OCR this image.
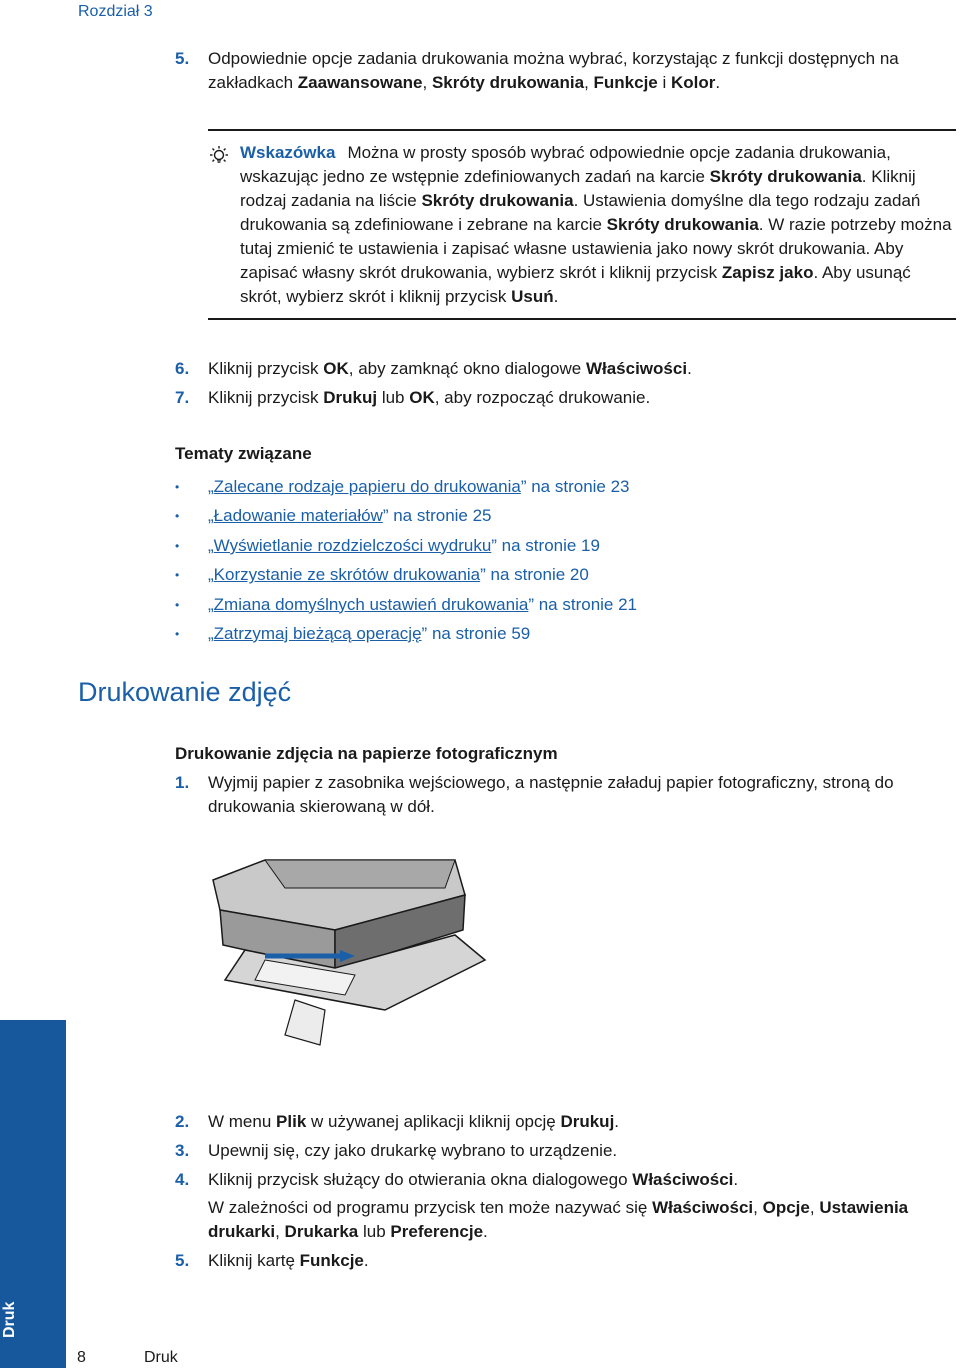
Rozdział 3
5. Odpowiednie opcje zadania drukowania można wybrać, korzystając z funkcji dostępnych na zakładkach Zaawansowane, Skróty drukowania, Funkcje i Kolor.

Wskazówka Można w prosty sposób wybrać odpowiednie opcje zadania drukowania, wskazując jedno ze wstępnie zdefiniowanych zadań na karcie Skróty drukowania. Kliknij rodzaj zadania na liście Skróty drukowania. Ustawienia domyślne dla tego rodzaju zadań drukowania są zdefiniowane i zebrane na karcie Skróty drukowania. W razie potrzeby można tutaj zmienić te ustawienia i zapisać własne ustawienia jako nowy skrót drukowania. Aby zapisać własny skrót drukowania, wybierz skrót i kliknij przycisk Zapisz jako. Aby usunąć skrót, wybierz skrót i kliknij przycisk Usuń.

6. Kliknij przycisk OK, aby zamknąć okno dialogowe Właściwości.

7. Kliknij przycisk Drukuj lub OK, aby rozpocząć drukowanie.

Tematy związane
• „Zalecane rodzaje papieru do drukowania” na stronie 23
• „Ładowanie materiałów” na stronie 25
• „Wyświetlanie rozdzielczości wydruku” na stronie 19
• „Korzystanie ze skrótów drukowania” na stronie 20
• „Zmiana domyślnych ustawień drukowania” na stronie 21
• „Zatrzymaj bieżącą operację” na stronie 59
Drukowanie zdjęć
Drukowanie zdjęcia na papierze fotograficznym
1. Wyjmij papier z zasobnika wejściowego, a następnie załaduj papier fotograficzny, stroną do drukowania skierowaną w dół.

2. W menu Plik w używanej aplikacji kliknij opcję Drukuj.

3. Upewnij się, czy jako drukarkę wybrano to urządzenie.

4. Kliknij przycisk służący do otwierania okna dialogowego Właściwości.

W zależności od programu przycisk ten może nazywać się Właściwości, Opcje, Ustawienia drukarki, Drukarka lub Preferencje.

5. Kliknij kartę Funkcje.

Druk
8	Druk
